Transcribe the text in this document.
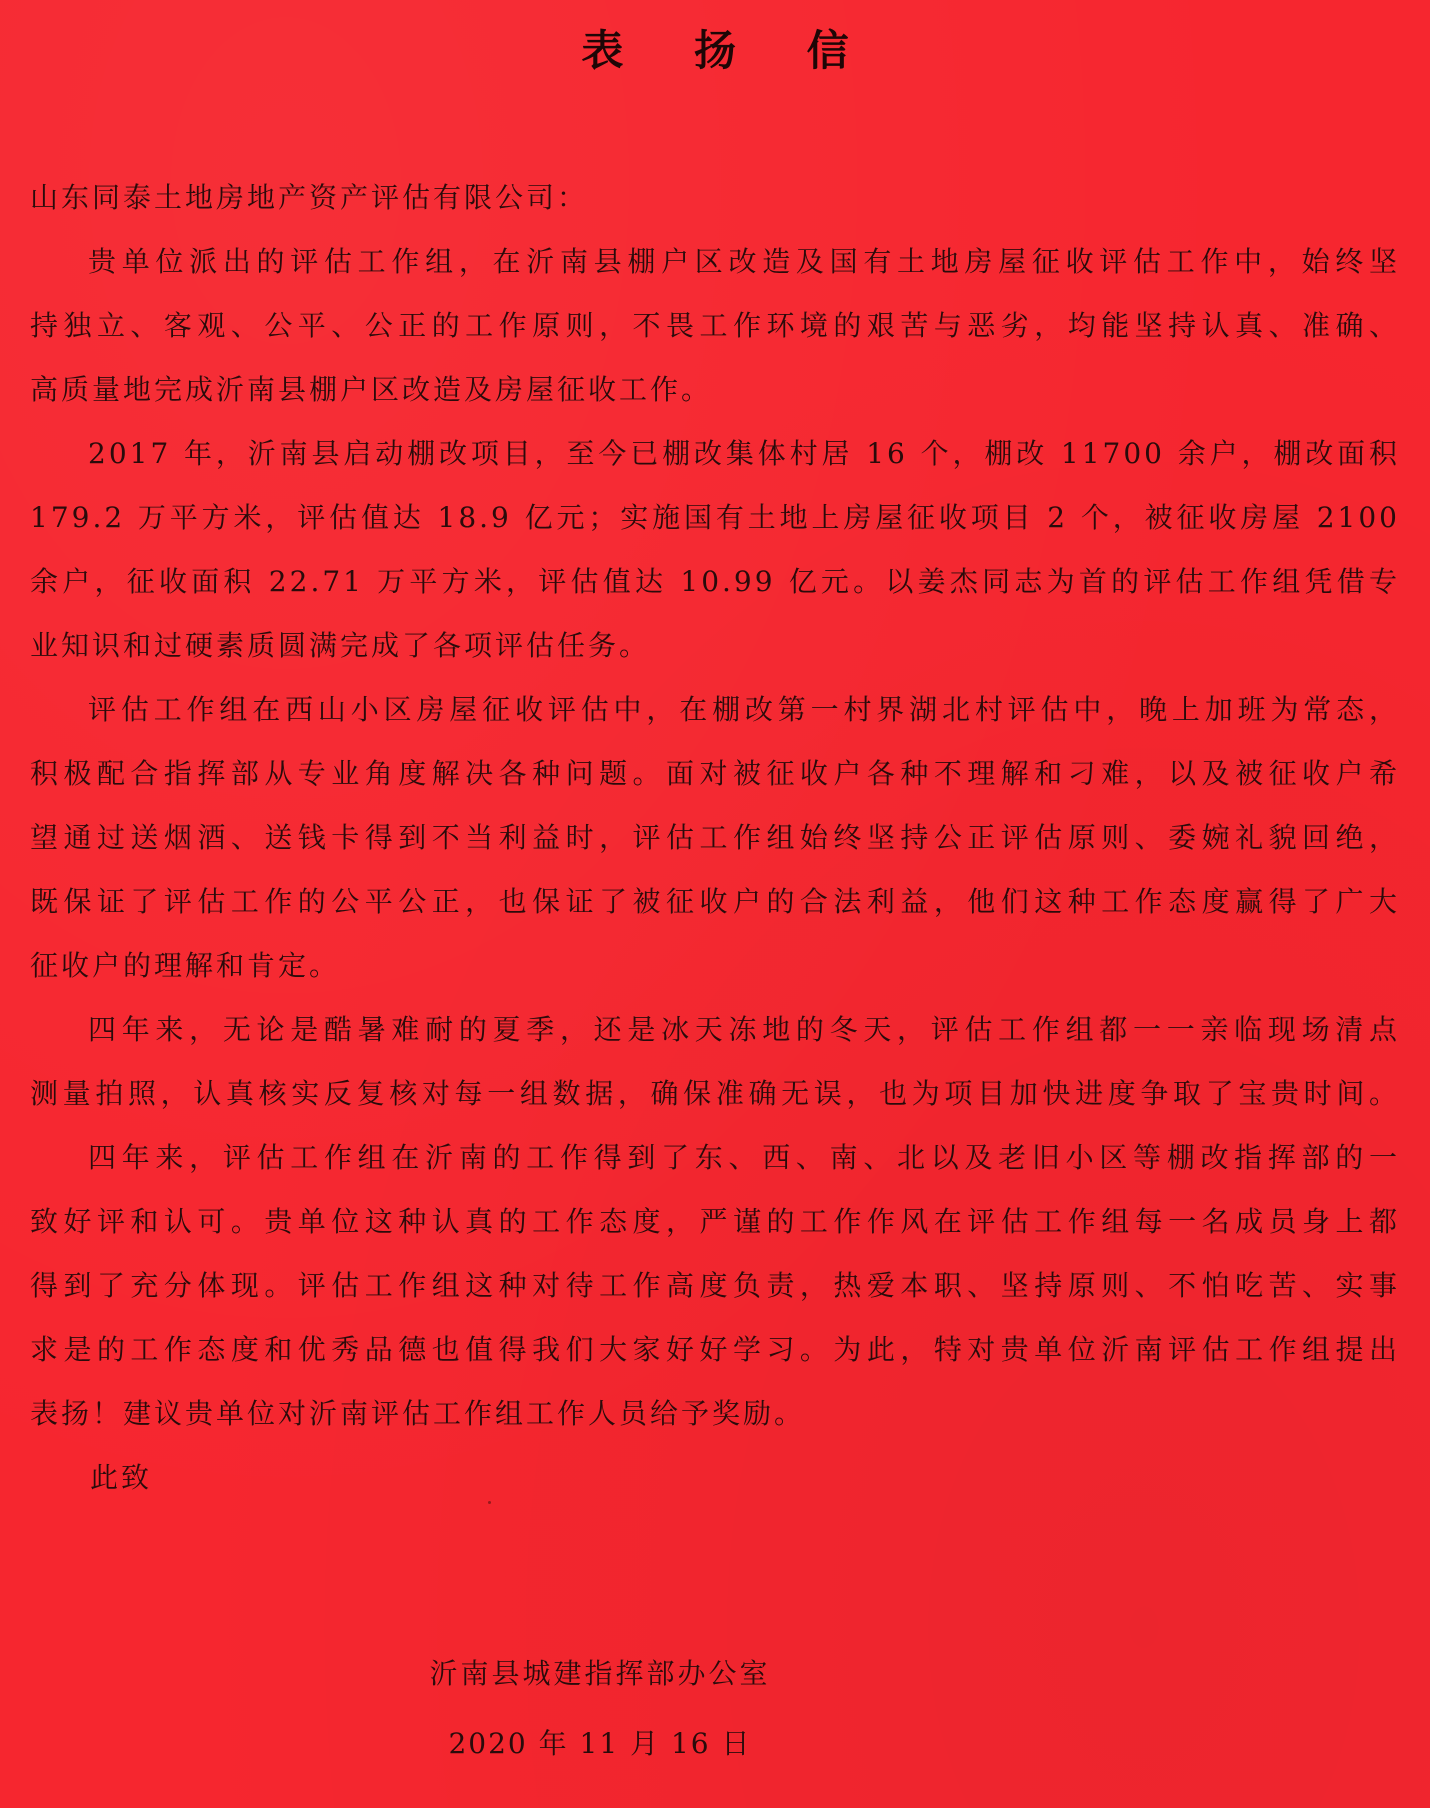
表 扬 信
山东同泰土地房地产资产评估有限公司：
贵单位派出的评估工作组，在沂南县棚户区改造及国有土地房屋征收评估工作中，始终坚
持独立、客观、公平、公正的工作原则，不畏工作环境的艰苦与恶劣，均能坚持认真、准确、
高质量地完成沂南县棚户区改造及房屋征收工作。
2017 年，沂南县启动棚改项目，至今已棚改集体村居 16 个，棚改 11700 余户，棚改面积
179.2 万平方米，评估值达 18.9 亿元；实施国有土地上房屋征收项目 2 个，被征收房屋 2100
余户，征收面积 22.71 万平方米，评估值达 10.99 亿元。以姜杰同志为首的评估工作组凭借专
业知识和过硬素质圆满完成了各项评估任务。
评估工作组在西山小区房屋征收评估中，在棚改第一村界湖北村评估中，晚上加班为常态，
积极配合指挥部从专业角度解决各种问题。面对被征收户各种不理解和刁难，以及被征收户希
望通过送烟酒、送钱卡得到不当利益时，评估工作组始终坚持公正评估原则、委婉礼貌回绝，
既保证了评估工作的公平公正，也保证了被征收户的合法利益，他们这种工作态度赢得了广大
征收户的理解和肯定。
四年来，无论是酷暑难耐的夏季，还是冰天冻地的冬天，评估工作组都一一亲临现场清点
测量拍照，认真核实反复核对每一组数据，确保准确无误，也为项目加快进度争取了宝贵时间。
四年来，评估工作组在沂南的工作得到了东、西、南、北以及老旧小区等棚改指挥部的一
致好评和认可。贵单位这种认真的工作态度，严谨的工作作风在评估工作组每一名成员身上都
得到了充分体现。评估工作组这种对待工作高度负责，热爱本职、坚持原则、不怕吃苦、实事
求是的工作态度和优秀品德也值得我们大家好好学习。为此，特对贵单位沂南评估工作组提出
表扬！建议贵单位对沂南评估工作组工作人员给予奖励。
此致
沂南县城建指挥部办公室
2020 年 11 月 16 日
